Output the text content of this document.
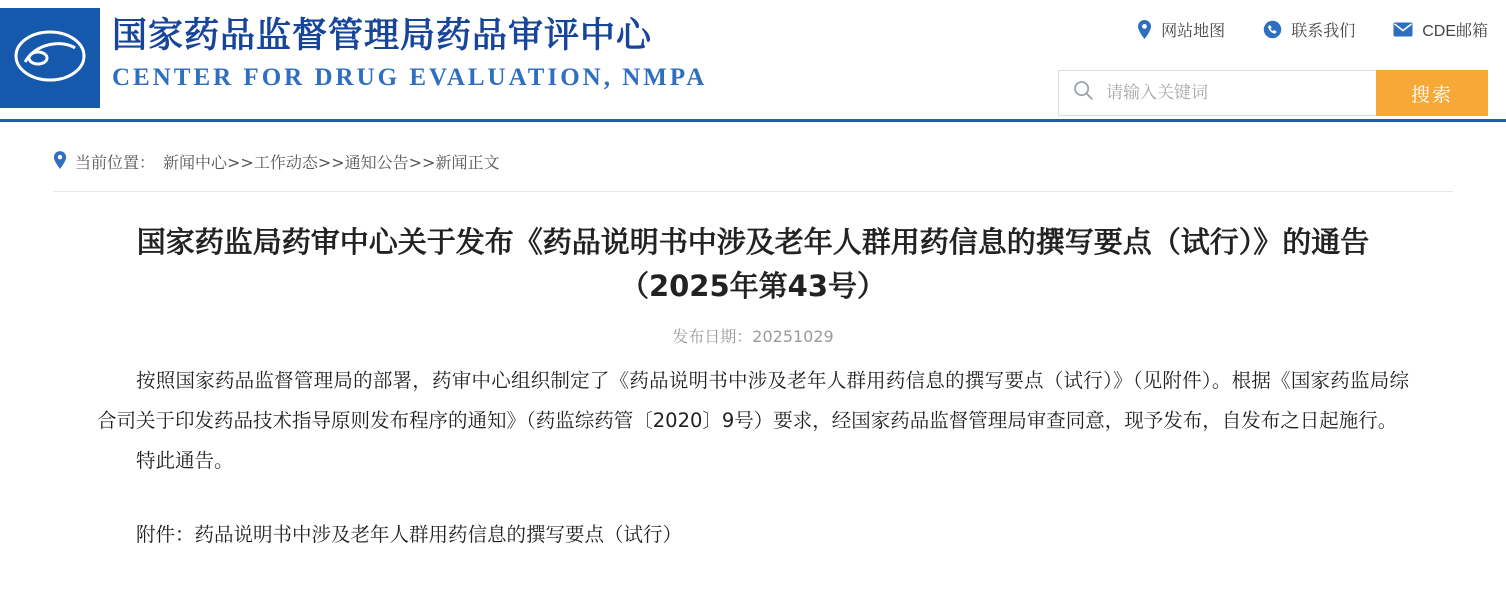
国家药品监督管理局药品审评中心
CENTER FOR DRUG EVALUATION, NMPA
网站地图	联系我们	CDE邮箱
请输入关键词
搜索
当前位置： 新闻中心>>工作动态>>通知公告>>新闻正文
国家药监局药审中心关于发布《药品说明书中涉及老年人群用药信息的撰写要点（试行）》的通告（2025年第43号）
发布日期：20251029

按照国家药品监督管理局的部署，药审中心组织制定了《药品说明书中涉及老年人群用药信息的撰写要点（试行）》（见附件）。根据《国家药监局综合司关于印发药品技术指导原则发布程序的通知》（药监综药管〔2020〕9号）要求，经国家药品监督管理局审查同意，现予发布，自发布之日起施行。

特此通告。

附件：药品说明书中涉及老年人群用药信息的撰写要点（试行）
